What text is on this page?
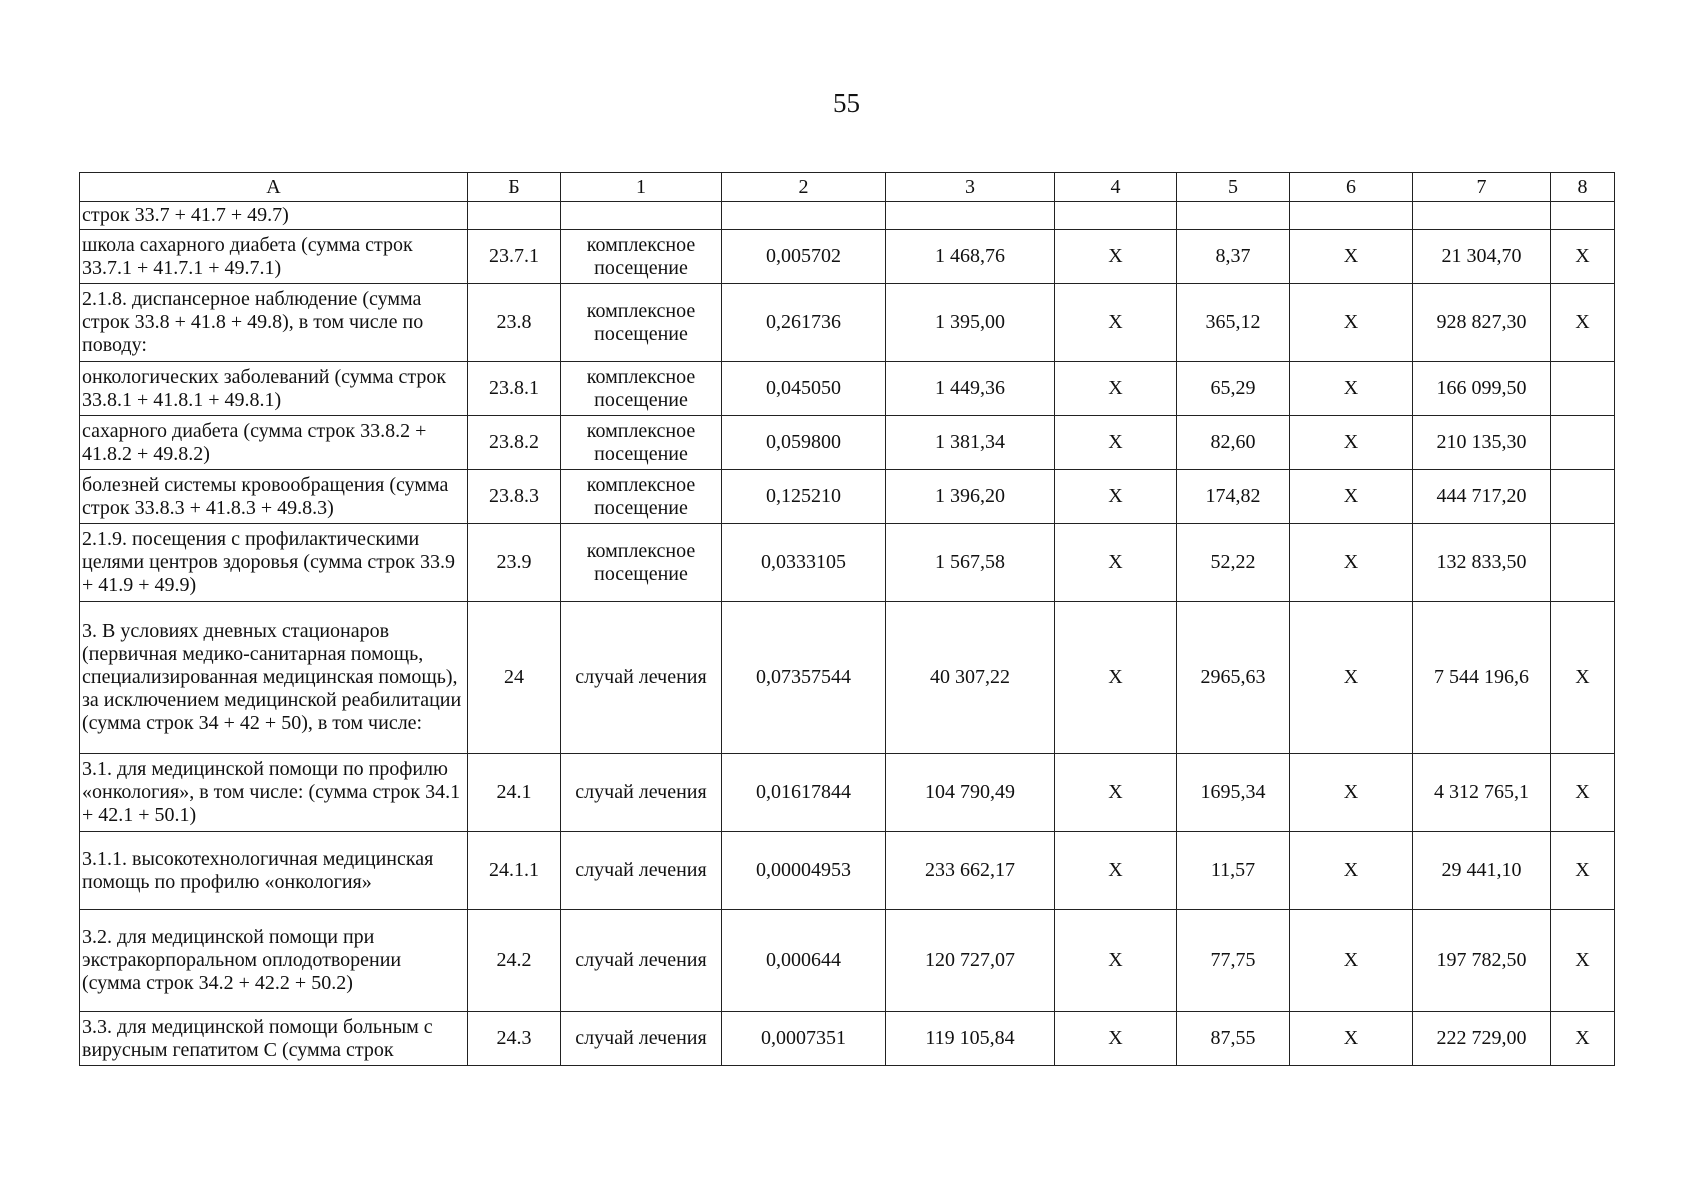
55
А	Б	1	2	3	4	5	6	7	8
строк 33.7 + 41.7 + 49.7)									
школа сахарного диабета (сумма строк 33.7.1 + 41.7.1 + 49.7.1)	23.7.1	комплексное посещение	0,005702	1 468,76	Х	8,37	Х	21 304,70	Х
2.1.8. диспансерное наблюдение (сумма строк 33.8 + 41.8 + 49.8), в том числе по поводу:	23.8	комплексное посещение	0,261736	1 395,00	Х	365,12	Х	928 827,30	Х
онкологических заболеваний (сумма строк 33.8.1 + 41.8.1 + 49.8.1)	23.8.1	комплексное посещение	0,045050	1 449,36	Х	65,29	Х	166 099,50	
сахарного диабета (сумма строк 33.8.2 + 41.8.2 + 49.8.2)	23.8.2	комплексное посещение	0,059800	1 381,34	Х	82,60	Х	210 135,30	
болезней системы кровообращения (сумма строк 33.8.3 + 41.8.3 + 49.8.3)	23.8.3	комплексное посещение	0,125210	1 396,20	Х	174,82	Х	444 717,20	
2.1.9. посещения с профилактическими целями центров здоровья (сумма строк 33.9 + 41.9 + 49.9)	23.9	комплексное посещение	0,0333105	1 567,58	Х	52,22	Х	132 833,50	
3. В условиях дневных стационаров (первичная медико-санитарная помощь, специализированная медицинская помощь), за исключением медицинской реабилитации (сумма строк 34 + 42 + 50), в том числе:	24	случай лечения	0,07357544	40 307,22	Х	2965,63	Х	7 544 196,6	Х
3.1. для медицинской помощи по профилю «онкология», в том числе: (сумма строк 34.1 + 42.1 + 50.1)	24.1	случай лечения	0,01617844	104 790,49	Х	1695,34	Х	4 312 765,1	Х
3.1.1. высокотехнологичная медицинская помощь по профилю «онкология»	24.1.1	случай лечения	0,00004953	233 662,17	Х	11,57	Х	29 441,10	Х
3.2. для медицинской помощи при экстракорпоральном оплодотворении (сумма строк 34.2 + 42.2 + 50.2)	24.2	случай лечения	0,000644	120 727,07	Х	77,75	Х	197 782,50	Х
3.3. для медицинской помощи больным с вирусным гепатитом С (сумма строк	24.3	случай лечения	0,0007351	119 105,84	Х	87,55	Х	222 729,00	Х
